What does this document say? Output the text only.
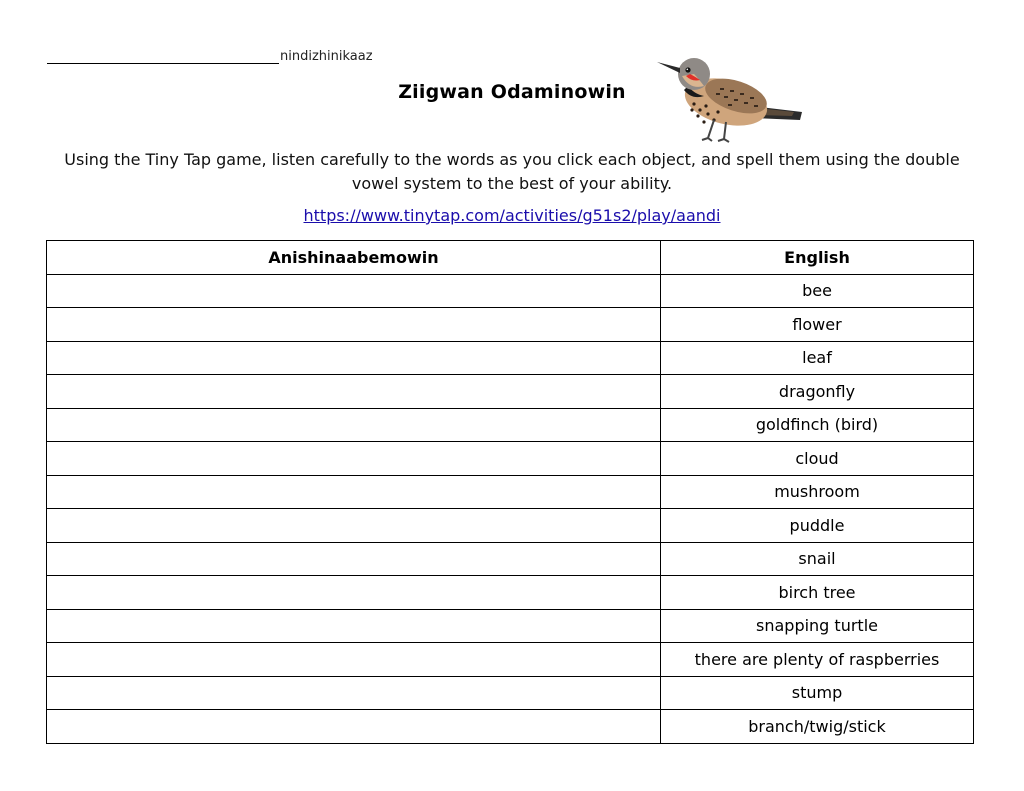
nindizhinikaaz
Ziigwan Odaminowin
Using the Tiny Tap game, listen carefully to the words as you click each object, and spell them using the double vowel system to the best of your ability.
https://www.tinytap.com/activities/g51s2/play/aandi
Anishinaabemowin	English
	bee
	flower
	leaf
	dragonfly
	goldfinch (bird)
	cloud
	mushroom
	puddle
	snail
	birch tree
	snapping turtle
	there are plenty of raspberries
	stump
	branch/twig/stick
